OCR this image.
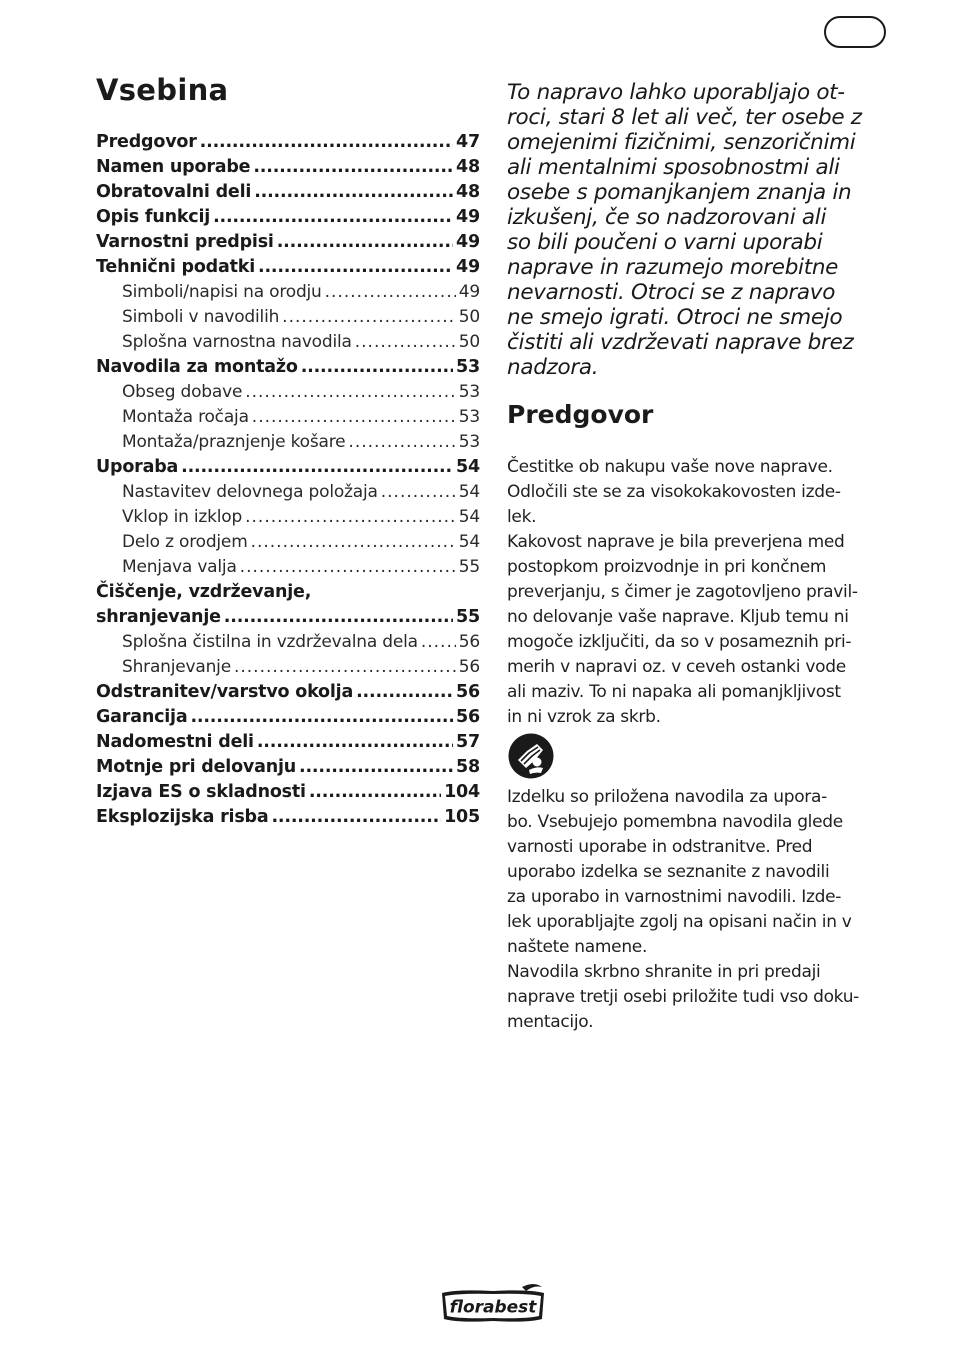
Vsebina
Predgovor .....	47
Namen uporabe .....	48
Obratovalni deli .....	48
Opis funkcij .....	49
Varnostni predpisi .....	49
Tehnični podatki .....	49
Simboli/napisi na orodju .....	49
Simboli v navodilih .....	50
Splošna varnostna navodila .....	50
Navodila za montažo .....	53
Obseg dobave .....	53
Montaža ročaja .....	53
Montaža/praznjenje košare .....	53
Uporaba .....	54
Nastavitev delovnega položaja .....	54
Vklop in izklop .....	54
Delo z orodjem .....	54
Menjava valja .....	55
Čiščenje, vzdrževanje,
shranjevanje .....	55
Splošna čistilna in vzdrževalna dela ..... 56
Shranjevanje .....	56
Odstranitev/varstvo okolja .....	56
Garancija .....	56
Nadomestni deli .....	57
Motnje pri delovanju .....	58
Izjava ES o skladnosti .....	104
Eksplozijska risba .....	105

To napravo lahko uporabljajo ot-
roci, stari 8 let ali več, ter osebe z
omejenimi fizičnimi, senzoričnimi
ali mentalnimi sposobnostmi ali
osebe s pomanjkanjem znanja in
izkušenj, če so nadzorovani ali
so bili poučeni o varni uporabi
naprave in razumejo morebitne
nevarnosti. Otroci se z napravo
ne smejo igrati. Otroci ne smejo
čistiti ali vzdrževati naprave brez
nadzora.

Predgovor
Čestitke ob nakupu vaše nove naprave.
Odločili ste se za visokokakovosten izde-
lek.
Kakovost naprave je bila preverjena med
postopkom proizvodnje in pri končnem
preverjanju, s čimer je zagotovljeno pravil-
no delovanje vaše naprave. Kljub temu ni
mogoče izključiti, da so v posameznih pri-
merih v napravi oz. v ceveh ostanki vode
ali maziv. To ni napaka ali pomanjkljivost
in ni vzrok za skrb.
Izdelku so priložena navodila za upora-
bo. Vsebujejo pomembna navodila glede
varnosti uporabe in odstranitve. Pred
uporabo izdelka se seznanite z navodili
za uporabo in varnostnimi navodili. Izde-
lek uporabljajte zgolj na opisani način in v
naštete namene.
Navodila skrbno shranite in pri predaji
naprave tretji osebi priložite tudi vso doku-
mentacijo.
florabest
